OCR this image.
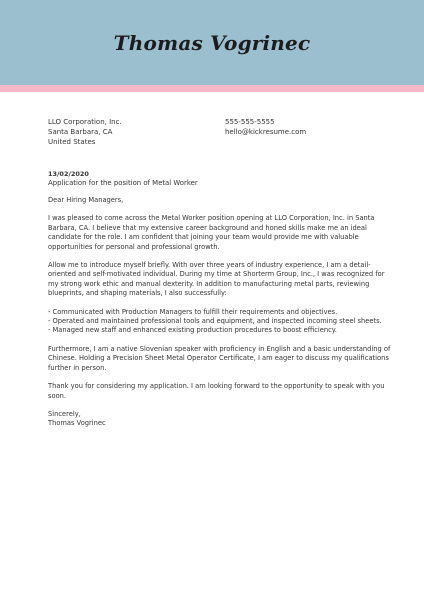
Thomas Vogrinec
LLO Corporation, Inc.
Santa Barbara, CA
United States
555-555-5555
hello@kickresume.com
13/02/2020
Application for the position of Metal Worker

Dear Hiring Managers,

I was pleased to come across the Metal Worker position opening at LLO Corporation, Inc. in Santa Barbara, CA. I believe that my extensive career background and honed skills make me an ideal candidate for the role. I am confident that joining your team would provide me with valuable opportunities for personal and professional growth.

Allow me to introduce myself briefly. With over three years of industry experience, I am a detail-oriented and self-motivated individual. During my time at Shorterm Group, Inc., I was recognized for my strong work ethic and manual dexterity. In addition to manufacturing metal parts, reviewing blueprints, and shaping materials, I also successfully:

- Communicated with Production Managers to fulfill their requirements and objectives.
- Operated and maintained professional tools and equipment, and inspected incoming steel sheets.
- Managed new staff and enhanced existing production procedures to boost efficiency.

Furthermore, I am a native Slovenian speaker with proficiency in English and a basic understanding of Chinese. Holding a Precision Sheet Metal Operator Certificate, I am eager to discuss my qualifications further in person.

Thank you for considering my application. I am looking forward to the opportunity to speak with you soon.

Sincerely,
Thomas Vogrinec
